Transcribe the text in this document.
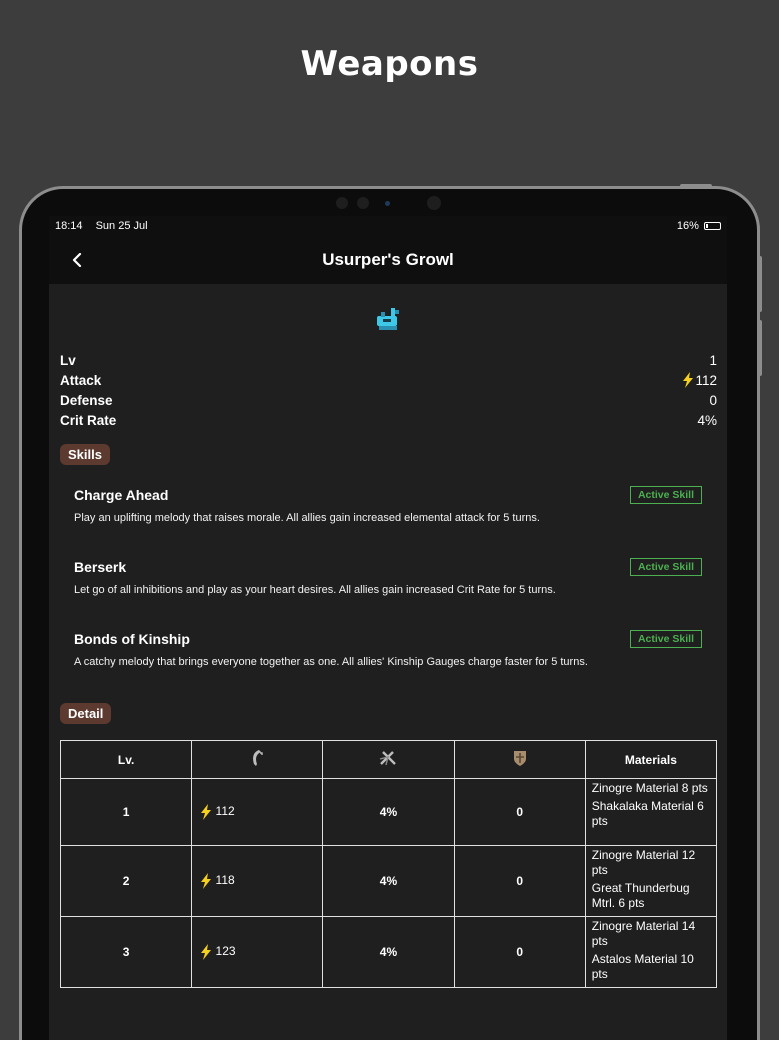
Weapons
18:14 Sun 25 Jul	16%
Usurper's Growl
Lv	1
Attack	112
Defense	0
Crit Rate	4%
Skills
Charge Ahead	Active Skill
Play an uplifting melody that raises morale. All allies gain increased elemental attack for 5 turns.
Berserk	Active Skill
Let go of all inhibitions and play as your heart desires. All allies gain increased Crit Rate for 5 turns.
Bonds of Kinship	Active Skill
A catchy melody that brings everyone together as one. All allies' Kinship Gauges charge faster for 5 turns.
Detail
Lv.				Materials
1	112	4%	0	Zinogre Material 8 pts
Shakalaka Material 6 pts

2	118	4%	0	Zinogre Material 12 pts
Great Thunderbug Mtrl. 6 pts

3	123	4%	0	Zinogre Material 14 pts
Astalos Material 10 pts
